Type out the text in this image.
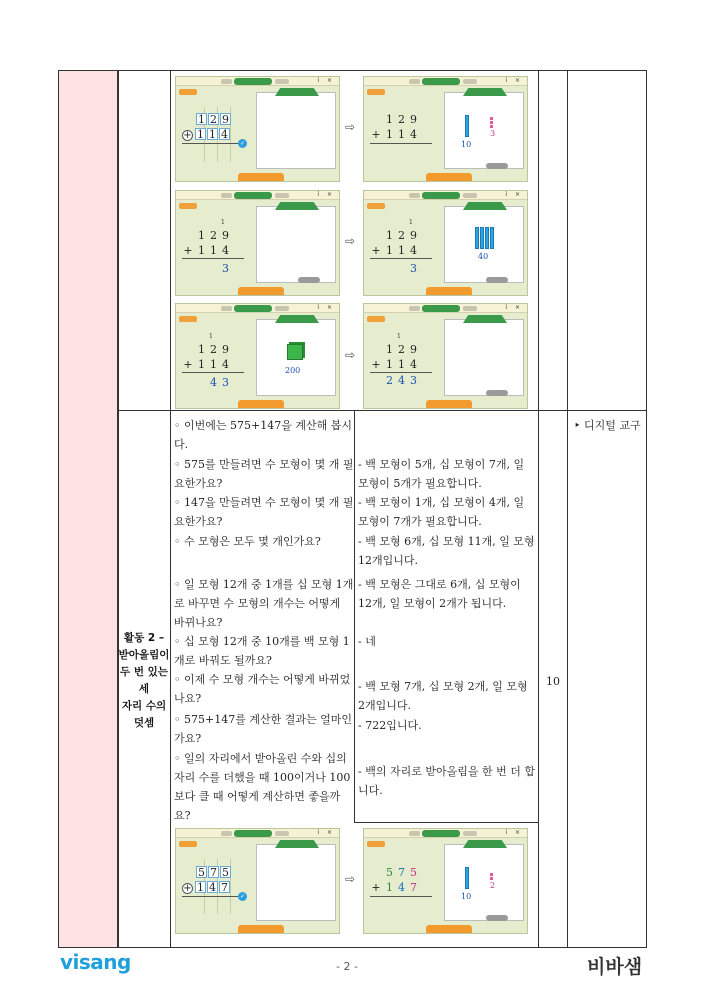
활동 2 –
받아올림이
두 번 있는 세
자리 수의
덧셈
i ×
1 2 9
+ 1 1 4
✓
⇨
i ×
1 2 9
+ 1 1 4
10
3
i ×
1
1 2 9
+ 1 1 4
3
⇨
i ×
1
1 2 9
+ 1 1 4
3
40
i ×
1
1 2 9
+ 1 1 4
4 3
200
⇨
i ×
1
1 2 9
+ 1 1 4
2 4 3
i ×
5 7 5
+ 1 4 7
✓
⇨
i ×
5 7 5
+ 1 4 7
10
2
◦ 이번에는 575+147을 계산해 봅시다.
◦ 575를 만들려면 수 모형이 몇 개 필요한가요?
◦ 147을 만들려면 수 모형이 몇 개 필요한가요?
◦ 수 모형은 모두 몇 개인가요?
◦ 일 모형 12개 중 1개를 십 모형 1개로 바꾸면 수 모형의 개수는 어떻게 바뀌나요?
◦ 십 모형 12개 중 10개를 백 모형 1개로 바꿔도 될까요?
◦ 이제 수 모형 개수는 어떻게 바뀌었나요?
◦ 575+147를 계산한 결과는 얼마인가요?
◦ 일의 자리에서 받아올린 수와 십의 자리 수를 더했을 때 100이거나 100보다 클 때 어떻게 계산하면 좋을까요?
- 백 모형이 5개, 십 모형이 7개, 일 모형이 5개가 필요합니다.
- 백 모형이 1개, 십 모형이 4개, 일 모형이 7개가 필요합니다.
- 백 모형 6개, 십 모형 11개, 일 모형 12개입니다.
- 백 모형은 그대로 6개, 십 모형이 12개, 일 모형이 2개가 됩니다.
- 네
- 백 모형 7개, 십 모형 2개, 일 모형 2개입니다.
- 722입니다.
- 백의 자리로 받아올림을 한 번 더 합니다.
10
‣ 디지털 교구
visang	- 2 -	비바샘
